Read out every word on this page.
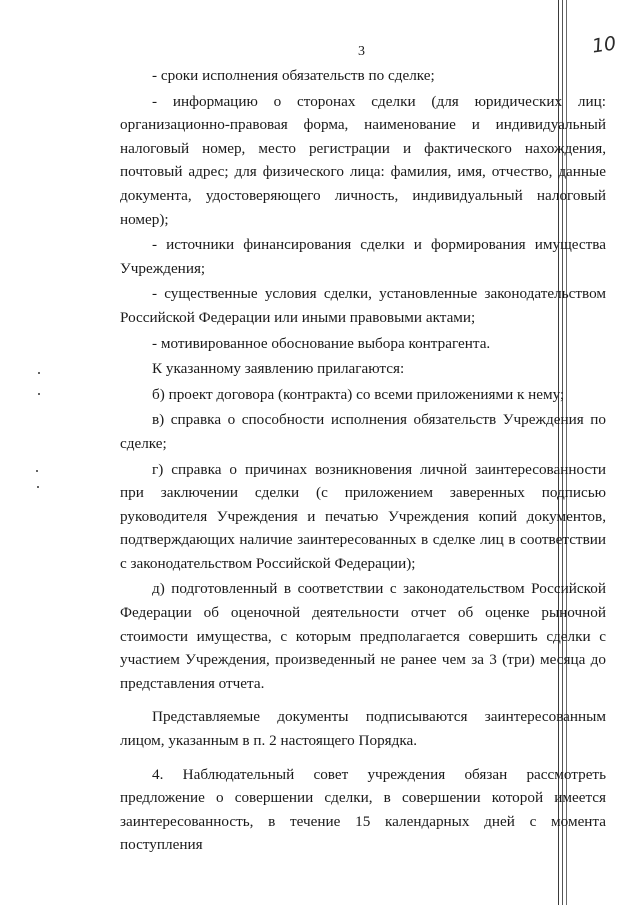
3	10

- сроки исполнения обязательств по сделке;

- информацию о сторонах сделки (для юридических лиц: организационно-правовая форма, наименование и индивидуальный налоговый номер, место регистрации и фактического нахождения, почтовый адрес; для физического лица: фамилия, имя, отчество, данные документа, удостоверяющего личность, индивидуальный налоговый номер);

- источники финансирования сделки и формирования имущества Учреждения;

- существенные условия сделки, установленные законодательством Российской Федерации или иными правовыми актами;

- мотивированное обоснование выбора контрагента.

К указанному заявлению прилагаются:

б) проект договора (контракта) со всеми приложениями к нему;

в) справка о способности исполнения обязательств Учреждения по сделке;

г) справка о причинах возникновения личной заинтересованности при заключении сделки (с приложением заверенных подписью руководителя Учреждения и печатью Учреждения копий документов, подтверждающих наличие заинтересованных в сделке лиц в соответствии с законодательством Российской Федерации);

д) подготовленный в соответствии с законодательством Российской Федерации об оценочной деятельности отчет об оценке рыночной стоимости имущества, с которым предполагается совершить сделки с участием Учреждения, произведенный не ранее чем за 3 (три) месяца до представления отчета.

Представляемые документы подписываются заинтересованным лицом, указанным в п. 2 настоящего Порядка.

4. Наблюдательный совет учреждения обязан рассмотреть предложение о совершении сделки, в совершении которой имеется заинтересованность, в течение 15 календарных дней с момента поступления
